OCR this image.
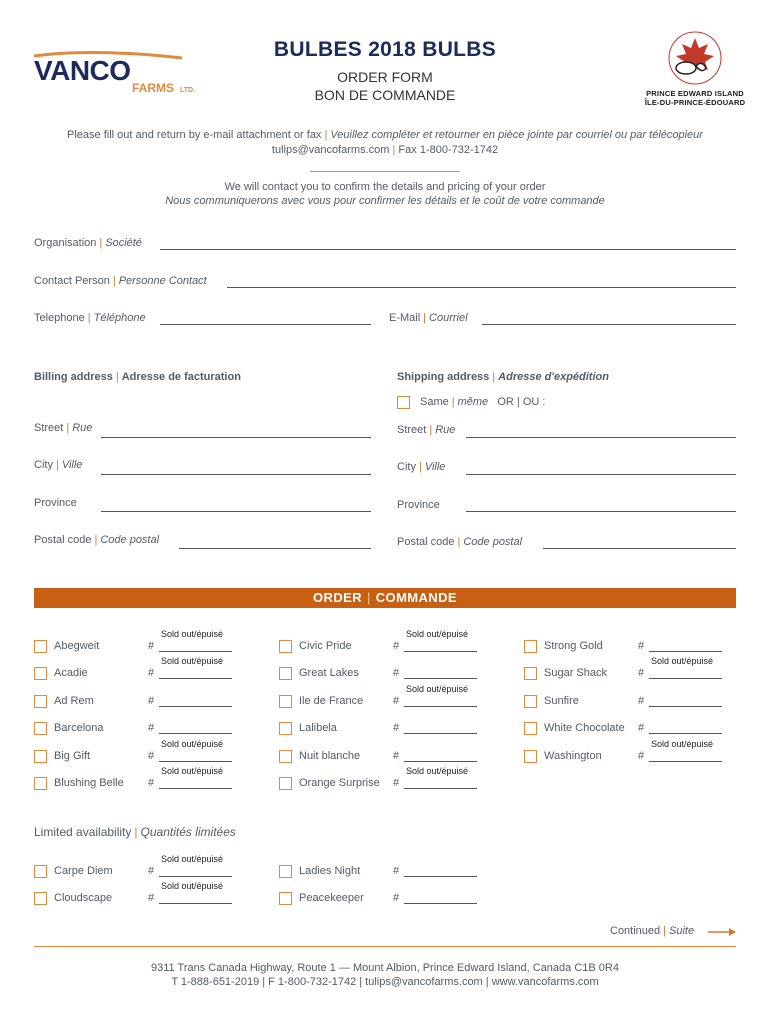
VANCO
FARMS LTD.
BULBES 2018 BULBS
ORDER FORM
BON DE COMMANDE	PRINCE EDWARD ISLAND
ÎLE-DU-PRINCE-ÉDOUARD
Please fill out and return by e-mail attachment or fax | Veuillez compléter et retourner en pièce jointe par courriel ou par télécopieur
tulips@vancofarms.com | Fax 1-800-732-1742
We will contact you to confirm the details and pricing of your order
Nous communiquerons avec vous pour confirmer les détails et le coût de votre commande
Organisation | Société
Contact Person | Personne Contact
Telephone | Téléphone	E-Mail | Courriel
Billing address | Adresse de facturation	Shipping address | Adresse d'expédition
Same | même OR | OU :
Street | Rue
City | Ville
Province
Postal code | Code postal
Street | Rue
City | Ville
Province
Postal code | Code postal
ORDER | COMMANDE
Abegweit	#
Sold out/épuisé
Acadie	#
Sold out/épuisé
Ad Rem	#
Barcelona	#
Big Gift	#
Sold out/épuisé
Blushing Belle #
Sold out/épuisé
Civic Pride	#
Sold out/épuisé
Great Lakes	#
Ile de France	#
Sold out/épuisé
Lalibela	#
Nuit blanche	#
Orange Surprise #
Sold out/épuisé
Strong Gold	#
Sugar Shack	#
Sold out/épuisé
Sunfire	#
White Chocolate #
Washington	#
Sold out/épuisé
Limited availability | Quantités limitées
Carpe Diem	#
Sold out/épuisé
Cloudscape	#
Sold out/épuisé
Ladies Night	#
Peacekeeper	#
Continued | Suite
9311 Trans Canada Highway, Route 1 — Mount Albion, Prince Edward Island, Canada C1B 0R4
T 1-888-651-2019 | F 1-800-732-1742 | tulips@vancofarms.com | www.vancofarms.com
